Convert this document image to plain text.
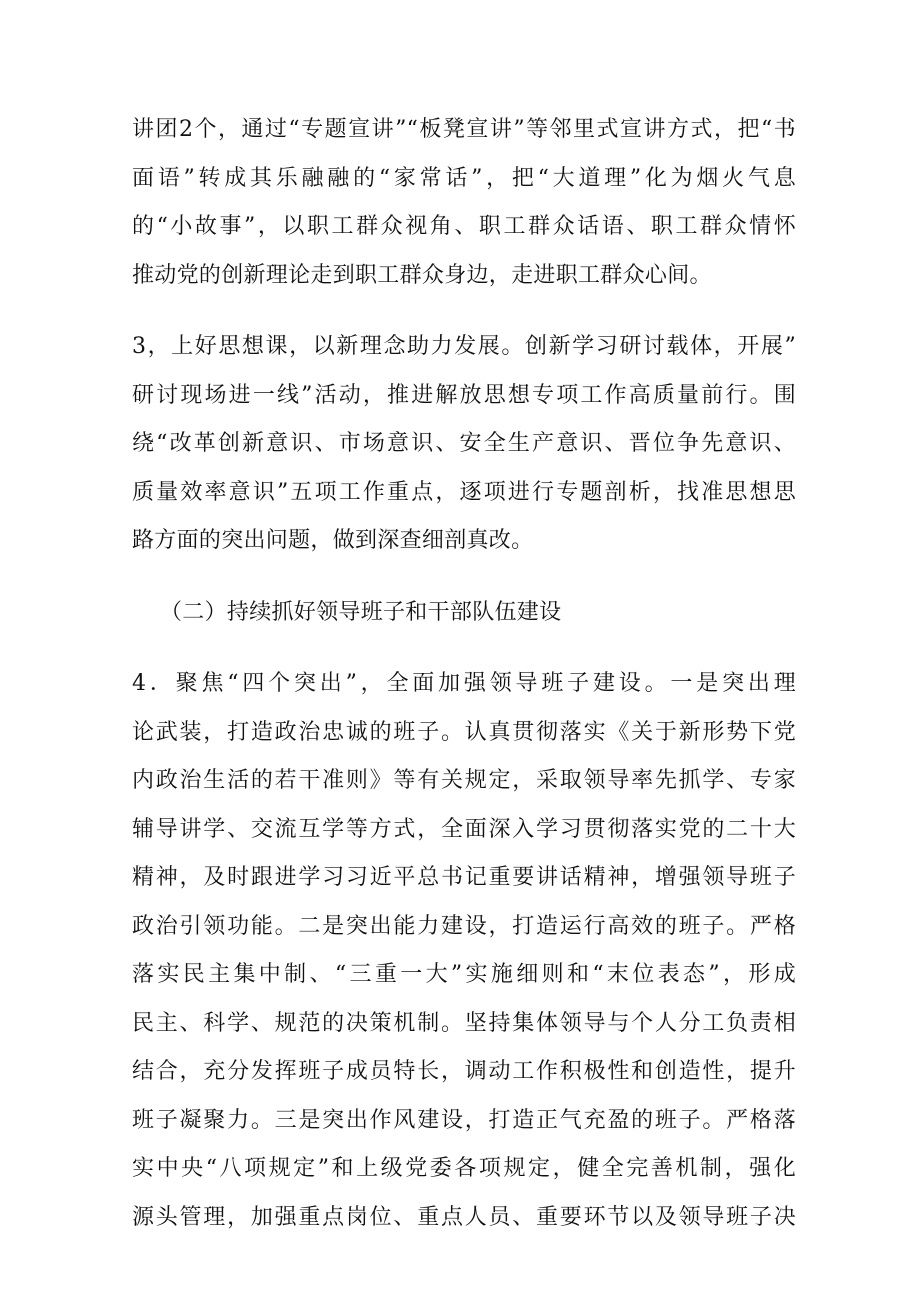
讲团2个，通过“专题宣讲”“板凳宣讲”等邻里式宣讲方式，把“书
面语”转成其乐融融的“家常话”，把“大道理”化为烟火气息
的“小故事”，以职工群众视角、职工群众话语、职工群众情怀
推动党的创新理论走到职工群众身边，走进职工群众心间。
3，上好思想课，以新理念助力发展。创新学习研讨载体，开展”
研讨现场进一线”活动，推进解放思想专项工作高质量前行。围
绕“改革创新意识、市场意识、安全生产意识、晋位争先意识、
质量效率意识”五项工作重点，逐项进行专题剖析，找准思想思
路方面的突出问题，做到深查细剖真改。
（二）持续抓好领导班子和干部队伍建设
4．聚焦“四个突出”，全面加强领导班子建设。一是突出理
论武装，打造政治忠诚的班子。认真贯彻落实《关于新形势下党
内政治生活的若干准则》等有关规定，采取领导率先抓学、专家
辅导讲学、交流互学等方式，全面深入学习贯彻落实党的二十大
精神，及时跟进学习习近平总书记重要讲话精神，增强领导班子
政治引领功能。二是突出能力建设，打造运行高效的班子。严格
落实民主集中制、“三重一大”实施细则和“末位表态”，形成
民主、科学、规范的决策机制。坚持集体领导与个人分工负责相
结合，充分发挥班子成员特长，调动工作积极性和创造性，提升
班子凝聚力。三是突出作风建设，打造正气充盈的班子。严格落
实中央“八项规定”和上级党委各项规定，健全完善机制，强化
源头管理，加强重点岗位、重点人员、重要环节以及领导班子决
